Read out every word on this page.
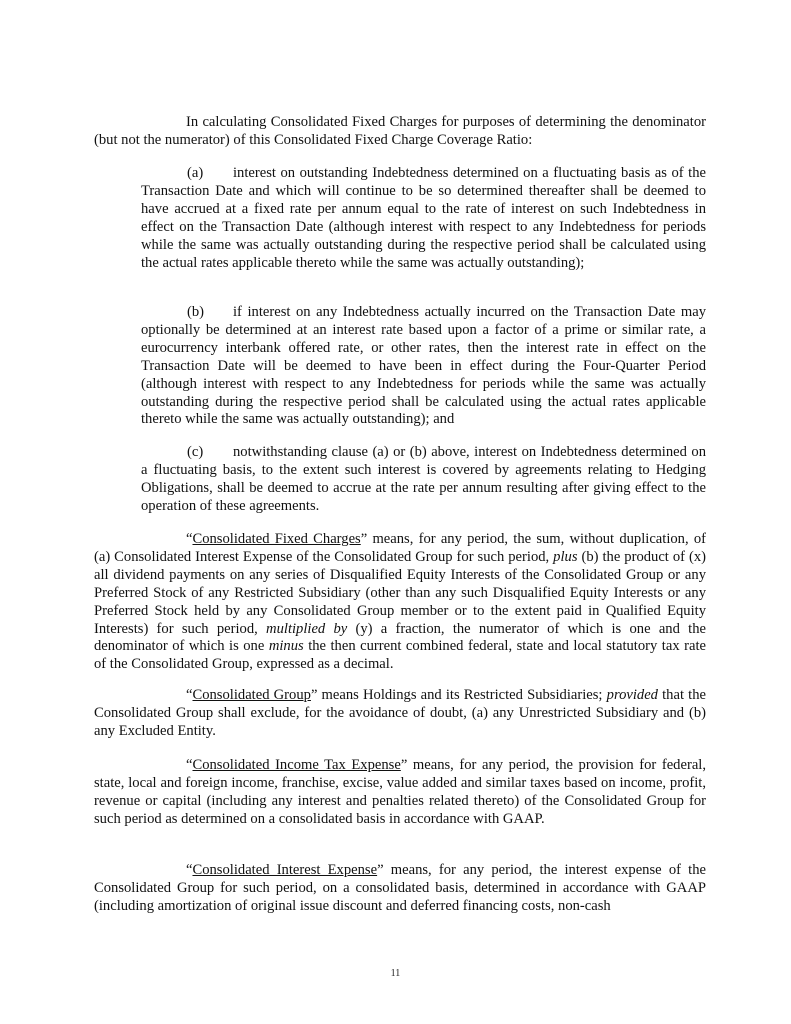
In calculating Consolidated Fixed Charges for purposes of determining the denominator (but not the numerator) of this Consolidated Fixed Charge Coverage Ratio:

(a) interest on outstanding Indebtedness determined on a fluctuating basis as of the Transaction Date and which will continue to be so determined thereafter shall be deemed to have accrued at a fixed rate per annum equal to the rate of interest on such Indebtedness in effect on the Transaction Date (although interest with respect to any Indebtedness for periods while the same was actually outstanding during the respective period shall be calculated using the actual rates applicable thereto while the same was actually outstanding);

(b) if interest on any Indebtedness actually incurred on the Transaction Date may optionally be determined at an interest rate based upon a factor of a prime or similar rate, a eurocurrency interbank offered rate, or other rates, then the interest rate in effect on the Transaction Date will be deemed to have been in effect during the Four-Quarter Period (although interest with respect to any Indebtedness for periods while the same was actually outstanding during the respective period shall be calculated using the actual rates applicable thereto while the same was actually outstanding); and

(c) notwithstanding clause (a) or (b) above, interest on Indebtedness determined on a fluctuating basis, to the extent such interest is covered by agreements relating to Hedging Obligations, shall be deemed to accrue at the rate per annum resulting after giving effect to the operation of these agreements.

“Consolidated Fixed Charges” means, for any period, the sum, without duplication, of (a) Consolidated Interest Expense of the Consolidated Group for such period, plus (b) the product of (x) all dividend payments on any series of Disqualified Equity Interests of the Consolidated Group or any Preferred Stock of any Restricted Subsidiary (other than any such Disqualified Equity Interests or any Preferred Stock held by any Consolidated Group member or to the extent paid in Qualified Equity Interests) for such period, multiplied by (y) a fraction, the numerator of which is one and the denominator of which is one minus the then current combined federal, state and local statutory tax rate of the Consolidated Group, expressed as a decimal.

“Consolidated Group” means Holdings and its Restricted Subsidiaries; provided that the Consolidated Group shall exclude, for the avoidance of doubt, (a) any Unrestricted Subsidiary and (b) any Excluded Entity.

“Consolidated Income Tax Expense” means, for any period, the provision for federal, state, local and foreign income, franchise, excise, value added and similar taxes based on income, profit, revenue or capital (including any interest and penalties related thereto) of the Consolidated Group for such period as determined on a consolidated basis in accordance with GAAP.

“Consolidated Interest Expense” means, for any period, the interest expense of the Consolidated Group for such period, on a consolidated basis, determined in accordance with GAAP (including amortization of original issue discount and deferred financing costs, non-cash

11
